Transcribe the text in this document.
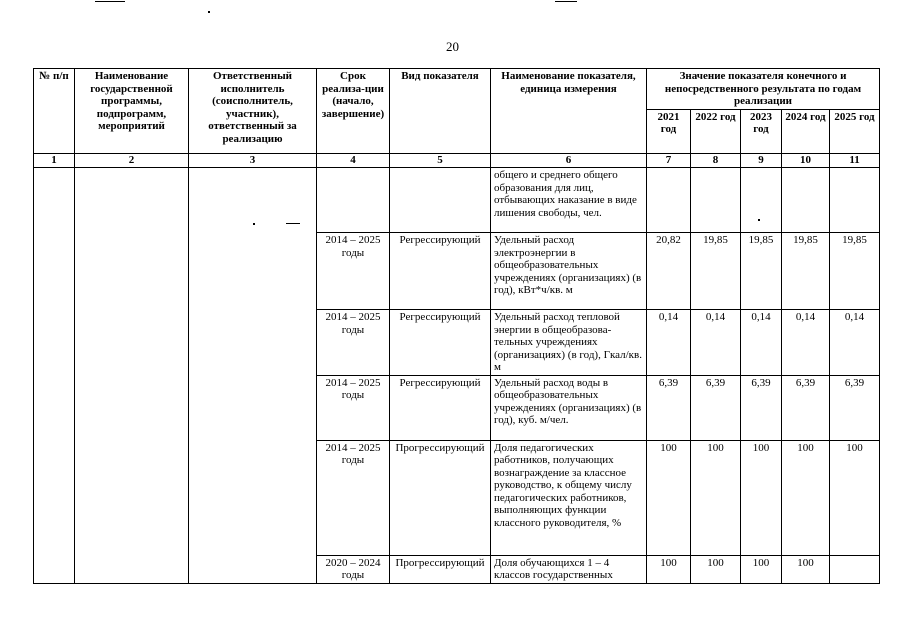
20
№ п/п	Наименование государственной программы, подпрограмм, мероприятий	Ответственный исполнитель (соисполнитель, участник), ответственный за реализацию	Срок реализа-ции (начало, завершение)	Вид показателя	Наименование показателя, единица измерения	Значение показателя конечного и непосредственного результата по годам реализации				
						2021 год	2022 год	2023 год	2024 год	2025 год
1	2	3	4	5	6	7	8	9	10	11
					общего и среднего общего образования для лиц, отбывающих наказание в виде лишения свободы, чел.					
			2014 – 2025 годы	Регрессирующий	Удельный расход электроэнергии в общеобразовательных учреждениях (организациях) (в год), кВт*ч/кв. м	20,82	19,85	19,85	19,85	19,85
			2014 – 2025 годы	Регрессирующий	Удельный расход тепловой энергии в общеобразова-тельных учреждениях (организациях) (в год), Гкал/кв. м	0,14	0,14	0,14	0,14	0,14
			2014 – 2025 годы	Регрессирующий	Удельный расход воды в общеобразовательных учреждениях (организациях) (в год), куб. м/чел.	6,39	6,39	6,39	6,39	6,39
			2014 – 2025 годы	Прогрессирующий	Доля педагогических работников, получающих вознаграждение за классное руководство, к общему числу педагогических работников, выполняющих функции классного руководителя, %	100	100	100	100	100
			2020 – 2024 годы	Прогрессирующий	Доля обучающихся 1 – 4 классов государственных	100	100	100	100	
